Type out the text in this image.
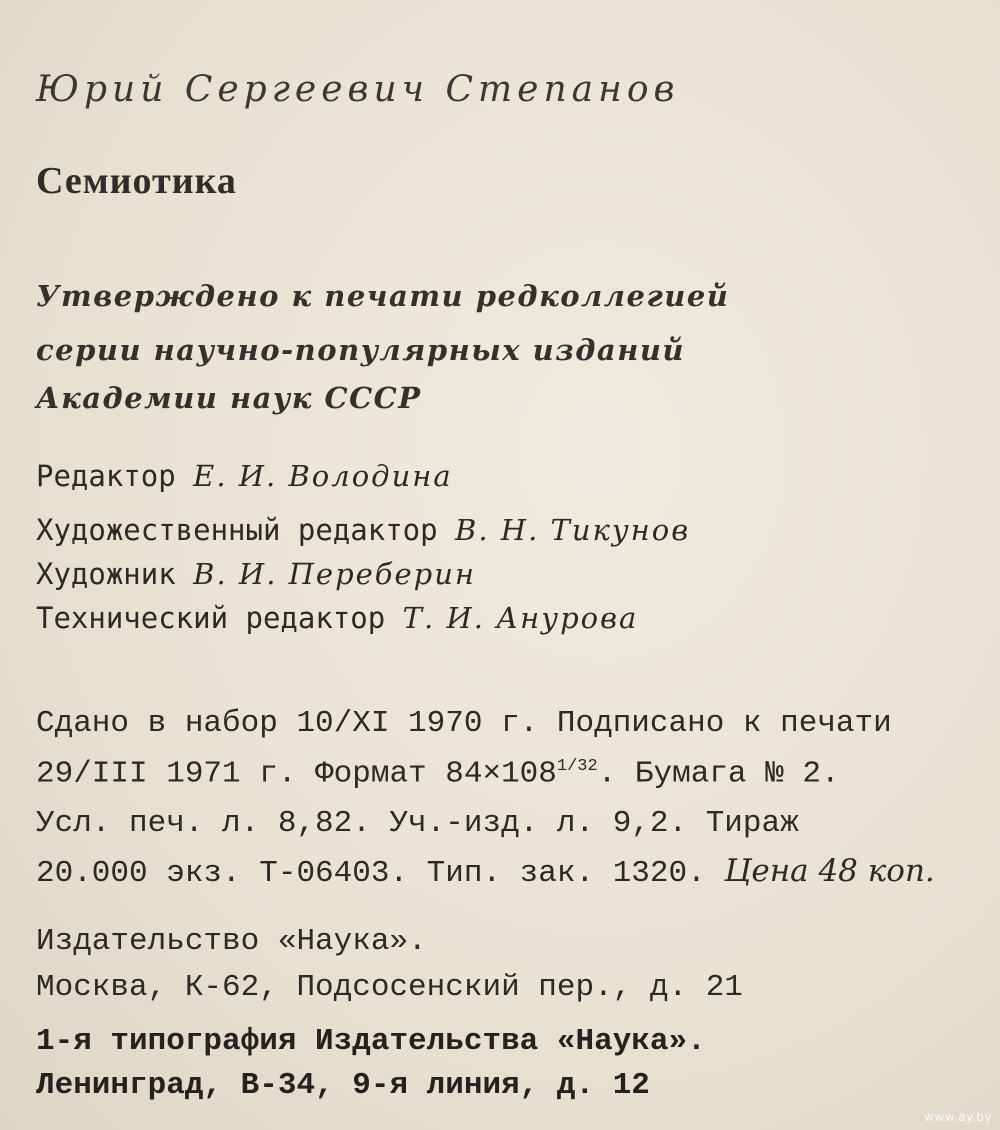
Юрий Сергеевич Степанов
Семиотика
Утверждено к печати редколлегией
серии научно-популярных изданий
Академии наук СССР
Редактор Е. И. Володина
Художественный редактор В. Н. Тикунов
Художник В. И. Переберин
Технический редактор Т. И. Анурова
Сдано в набор 10/XI 1970 г. Подписано к печати
29/III 1971 г. Формат $84\times 108^{1/32}$. Бумага № 2.
Усл. печ. л. 8,82. Уч.-изд. л. 9,2. Тираж
20.000 экз. Т-06403. Тип. зак. 1320. Цена 48 коп.
Издательство «Наука».
Москва, К-62, Подсосенский пер., д. 21
1-я типография Издательства «Наука».
Ленинград, В-34, 9-я линия, д. 12
www.ay.by
